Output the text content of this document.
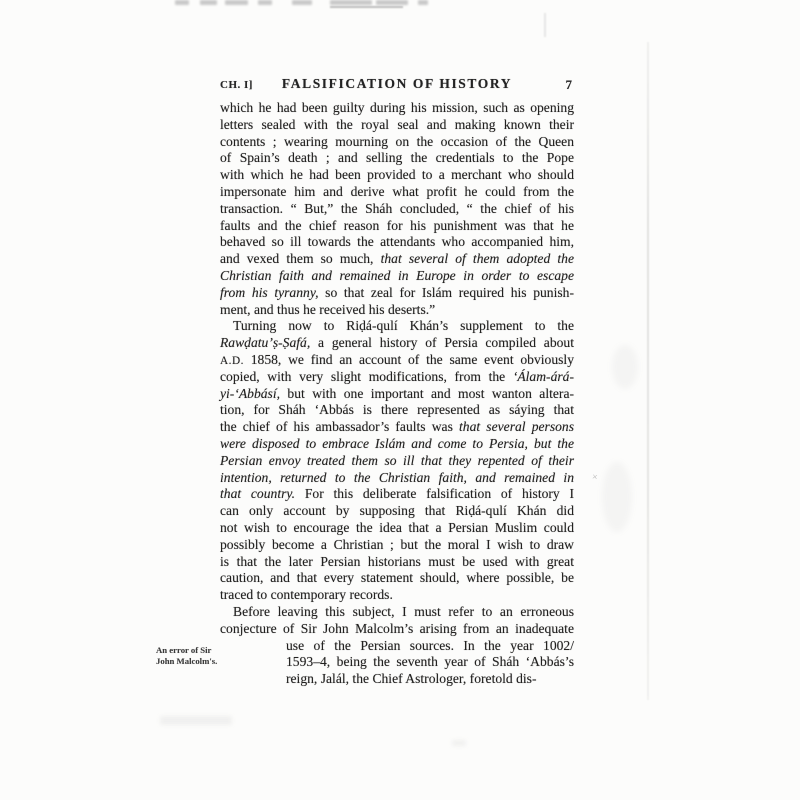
×
CH. I]	FALSIFICATION OF HISTORY	7
which he had been guilty during his mission, such as opening
letters sealed with the royal seal and making known their
contents ; wearing mourning on the occasion of the Queen
of Spain’s death ; and selling the credentials to the Pope
with which he had been provided to a merchant who should
impersonate him and derive what profit he could from the
transaction. “ But,” the Sháh concluded, “ the chief of his
faults and the chief reason for his punishment was that he
behaved so ill towards the attendants who accompanied him,
and vexed them so much, that several of them adopted the
Christian faith and remained in Europe in order to escape
from his tyranny, so that zeal for Islám required his punish-
ment, and thus he received his deserts.”
Turning now to Riḍá-qulí Khán’s supplement to the
Rawḍatu’ṣ-Ṣafá, a general history of Persia compiled about
A.D. 1858, we find an account of the same event obviously
copied, with very slight modifications, from the ʻÁlam-árá-
yi-ʻAbbásí, but with one important and most wanton altera-
tion, for Sháh ʻAbbás is there represented as sáying that
the chief of his ambassador’s faults was that several persons
were disposed to embrace Islám and come to Persia, but the
Persian envoy treated them so ill that they repented of their
intention, returned to the Christian faith, and remained in
that country. For this deliberate falsification of history I
can only account by supposing that Riḍá-qulí Khán did
not wish to encourage the idea that a Persian Muslim could
possibly become a Christian ; but the moral I wish to draw
is that the later Persian historians must be used with great
caution, and that every statement should, where possible, be
traced to contemporary records.
Before leaving this subject, I must refer to an erroneous
conjecture of Sir John Malcolm’s arising from an inadequate
use of the Persian sources. In the year 1002/
1593–4, being the seventh year of Sháh ʻAbbás’s
reign, Jalál, the Chief Astrologer, foretold dis-
An error of Sir
John Malcolm's.
